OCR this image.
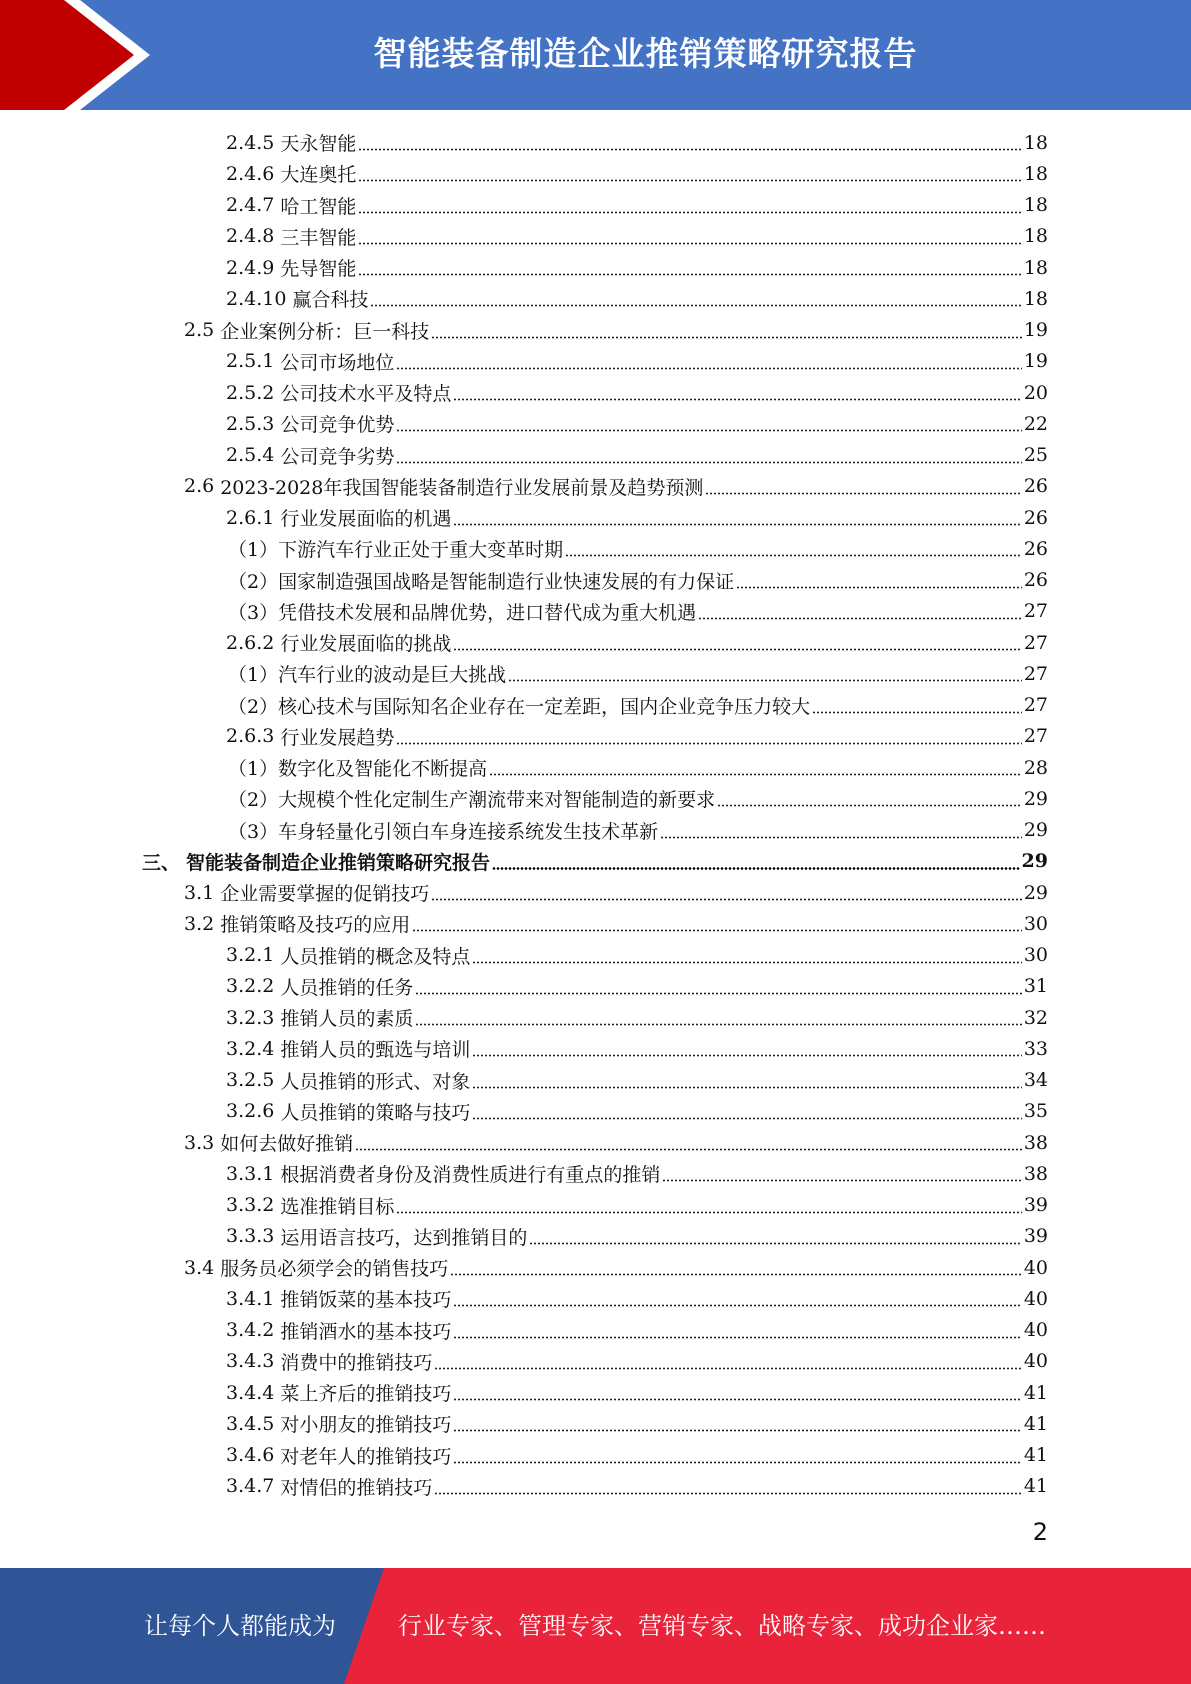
智能装备制造企业推销策略研究报告
2.4.5 天永智能	18
2.4.6 大连奥托	18
2.4.7 哈工智能	18
2.4.8 三丰智能	18
2.4.9 先导智能	18
2.4.10 赢合科技	18
2.5 企业案例分析：巨一科技	19
2.5.1 公司市场地位	19
2.5.2 公司技术水平及特点	20
2.5.3 公司竞争优势	22
2.5.4 公司竞争劣势	25
2.6 2023-2028年我国智能装备制造行业发展前景及趋势预测	26
2.6.1 行业发展面临的机遇	26
（1） 下游汽车行业正处于重大变革时期	26
（2） 国家制造强国战略是智能制造行业快速发展的有力保证	26
（3） 凭借技术发展和品牌优势，进口替代成为重大机遇	27
2.6.2 行业发展面临的挑战	27
（1） 汽车行业的波动是巨大挑战	27
（2） 核心技术与国际知名企业存在一定差距，国内企业竞争压力较大	27
2.6.3 行业发展趋势	27
（1） 数字化及智能化不断提高	28
（2） 大规模个性化定制生产潮流带来对智能制造的新要求	29
（3） 车身轻量化引领白车身连接系统发生技术革新	29
三、 智能装备制造企业推销策略研究报告	29
3.1 企业需要掌握的促销技巧	29
3.2 推销策略及技巧的应用	30
3.2.1 人员推销的概念及特点	30
3.2.2 人员推销的任务	31
3.2.3 推销人员的素质	32
3.2.4 推销人员的甄选与培训	33
3.2.5 人员推销的形式、对象	34
3.2.6 人员推销的策略与技巧	35
3.3 如何去做好推销	38
3.3.1 根据消费者身份及消费性质进行有重点的推销	38
3.3.2 选准推销目标	39
3.3.3 运用语言技巧，达到推销目的	39
3.4 服务员必须学会的销售技巧	40
3.4.1 推销饭菜的基本技巧	40
3.4.2 推销酒水的基本技巧	40
3.4.3 消费中的推销技巧	40
3.4.4 菜上齐后的推销技巧	41
3.4.5 对小朋友的推销技巧	41
3.4.6 对老年人的推销技巧	41
3.4.7 对情侣的推销技巧	41
2
让每个人都能成为	行业专家、管理专家、营销专家、战略专家、成功企业家……
